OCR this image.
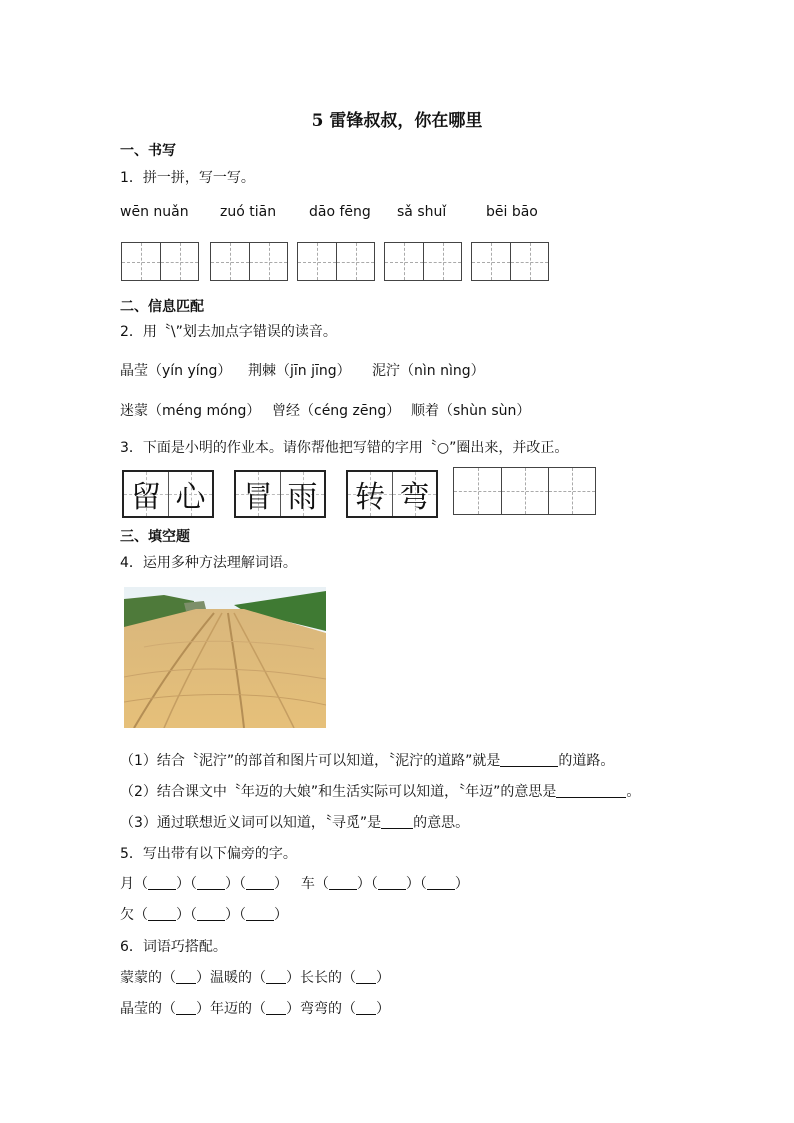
5 雷锋叔叔，你在哪里
一、书写
1．拼一拼，写一写。
wēn nuǎn zuó tiān dāo fēng sǎ shuǐ	bēi bāo
二、信息匹配
2．用〝\”划去加点字错误的读音。
晶莹（yín yíng） 荆棘（jīn jīng） 泥泞（nìn nìng）
迷蒙（méng móng） 曾经（céng zēng） 顺着（shùn sùn）
3．下面是小明的作业本。请你帮他把写错的字用〝○”圈出来，并改正。
留 心 冒 雨 转 弯
三、填空题
4．运用多种方法理解词语。
（1）结合〝泥泞”的部首和图片可以知道，〝泥泞的道路”就是	的道路。
（2）结合课文中〝年迈的大娘”和生活实际可以知道，〝年迈”的意思是	。
（3）通过联想近义词可以知道，〝寻觅”是 的意思。
5．写出带有以下偏旁的字。
月（ ）（ ）（ ） 车（ ）（ ）（ ）
欠（ ）（ ）（ ）
6．词语巧搭配。
蒙蒙的（ ）温暖的（ ）长长的（ ）
晶莹的（ ）年迈的（ ）弯弯的（ ）
